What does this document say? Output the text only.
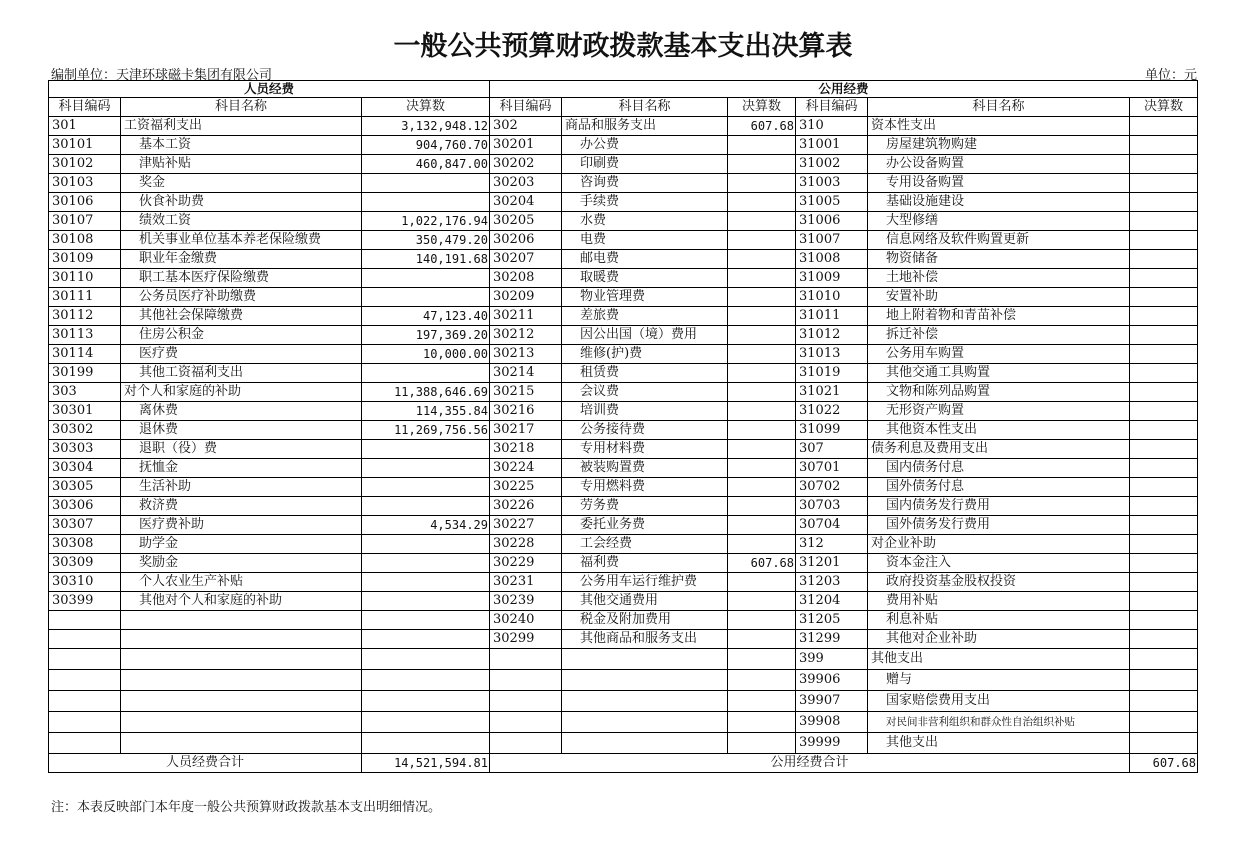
一般公共预算财政拨款基本支出决算表
编制单位：天津环球磁卡集团有限公司	单位：元
人员经费			公用经费					
科目编码	科目名称	决算数	科目编码	科目名称	决算数	科目编码	科目名称	决算数
301	工资福利支出	3,132,948.12	302	商品和服务支出	607.68	310	资本性支出	
30101	基本工资	904,760.70	30201	办公费		31001	房屋建筑物购建	
30102	津贴补贴	460,847.00	30202	印刷费		31002	办公设备购置	
30103	奖金		30203	咨询费		31003	专用设备购置	
30106	伙食补助费		30204	手续费		31005	基础设施建设	
30107	绩效工资	1,022,176.94	30205	水费		31006	大型修缮	
30108	机关事业单位基本养老保险缴费	350,479.20	30206	电费		31007	信息网络及软件购置更新	
30109	职业年金缴费	140,191.68	30207	邮电费		31008	物资储备	
30110	职工基本医疗保险缴费		30208	取暖费		31009	土地补偿	
30111	公务员医疗补助缴费		30209	物业管理费		31010	安置补助	
30112	其他社会保障缴费	47,123.40	30211	差旅费		31011	地上附着物和青苗补偿	
30113	住房公积金	197,369.20	30212	因公出国（境）费用		31012	拆迁补偿	
30114	医疗费	10,000.00	30213	维修(护)费		31013	公务用车购置	
30199	其他工资福利支出		30214	租赁费		31019	其他交通工具购置	
303	对个人和家庭的补助	11,388,646.69	30215	会议费		31021	文物和陈列品购置	
30301	离休费	114,355.84	30216	培训费		31022	无形资产购置	
30302	退休费	11,269,756.56	30217	公务接待费		31099	其他资本性支出	
30303	退职（役）费		30218	专用材料费		307	债务利息及费用支出	
30304	抚恤金		30224	被装购置费		30701	国内债务付息	
30305	生活补助		30225	专用燃料费		30702	国外债务付息	
30306	救济费		30226	劳务费		30703	国内债务发行费用	
30307	医疗费补助	4,534.29	30227	委托业务费		30704	国外债务发行费用	
30308	助学金		30228	工会经费		312	对企业补助	
30309	奖励金		30229	福利费	607.68	31201	资本金注入	
30310	个人农业生产补贴		30231	公务用车运行维护费		31203	政府投资基金股权投资	
30399	其他对个人和家庭的补助		30239	其他交通费用		31204	费用补贴	
			30240	税金及附加费用		31205	利息补贴	
			30299	其他商品和服务支出		31299	其他对企业补助	
						399	其他支出	
						39906	赠与	
						39907	国家赔偿费用支出	
						39908	对民间非营利组织和群众性自治组织补贴	
						39999	其他支出	
人员经费合计		14,521,594.81	公用经费合计					607.68
注：本表反映部门本年度一般公共预算财政拨款基本支出明细情况。
